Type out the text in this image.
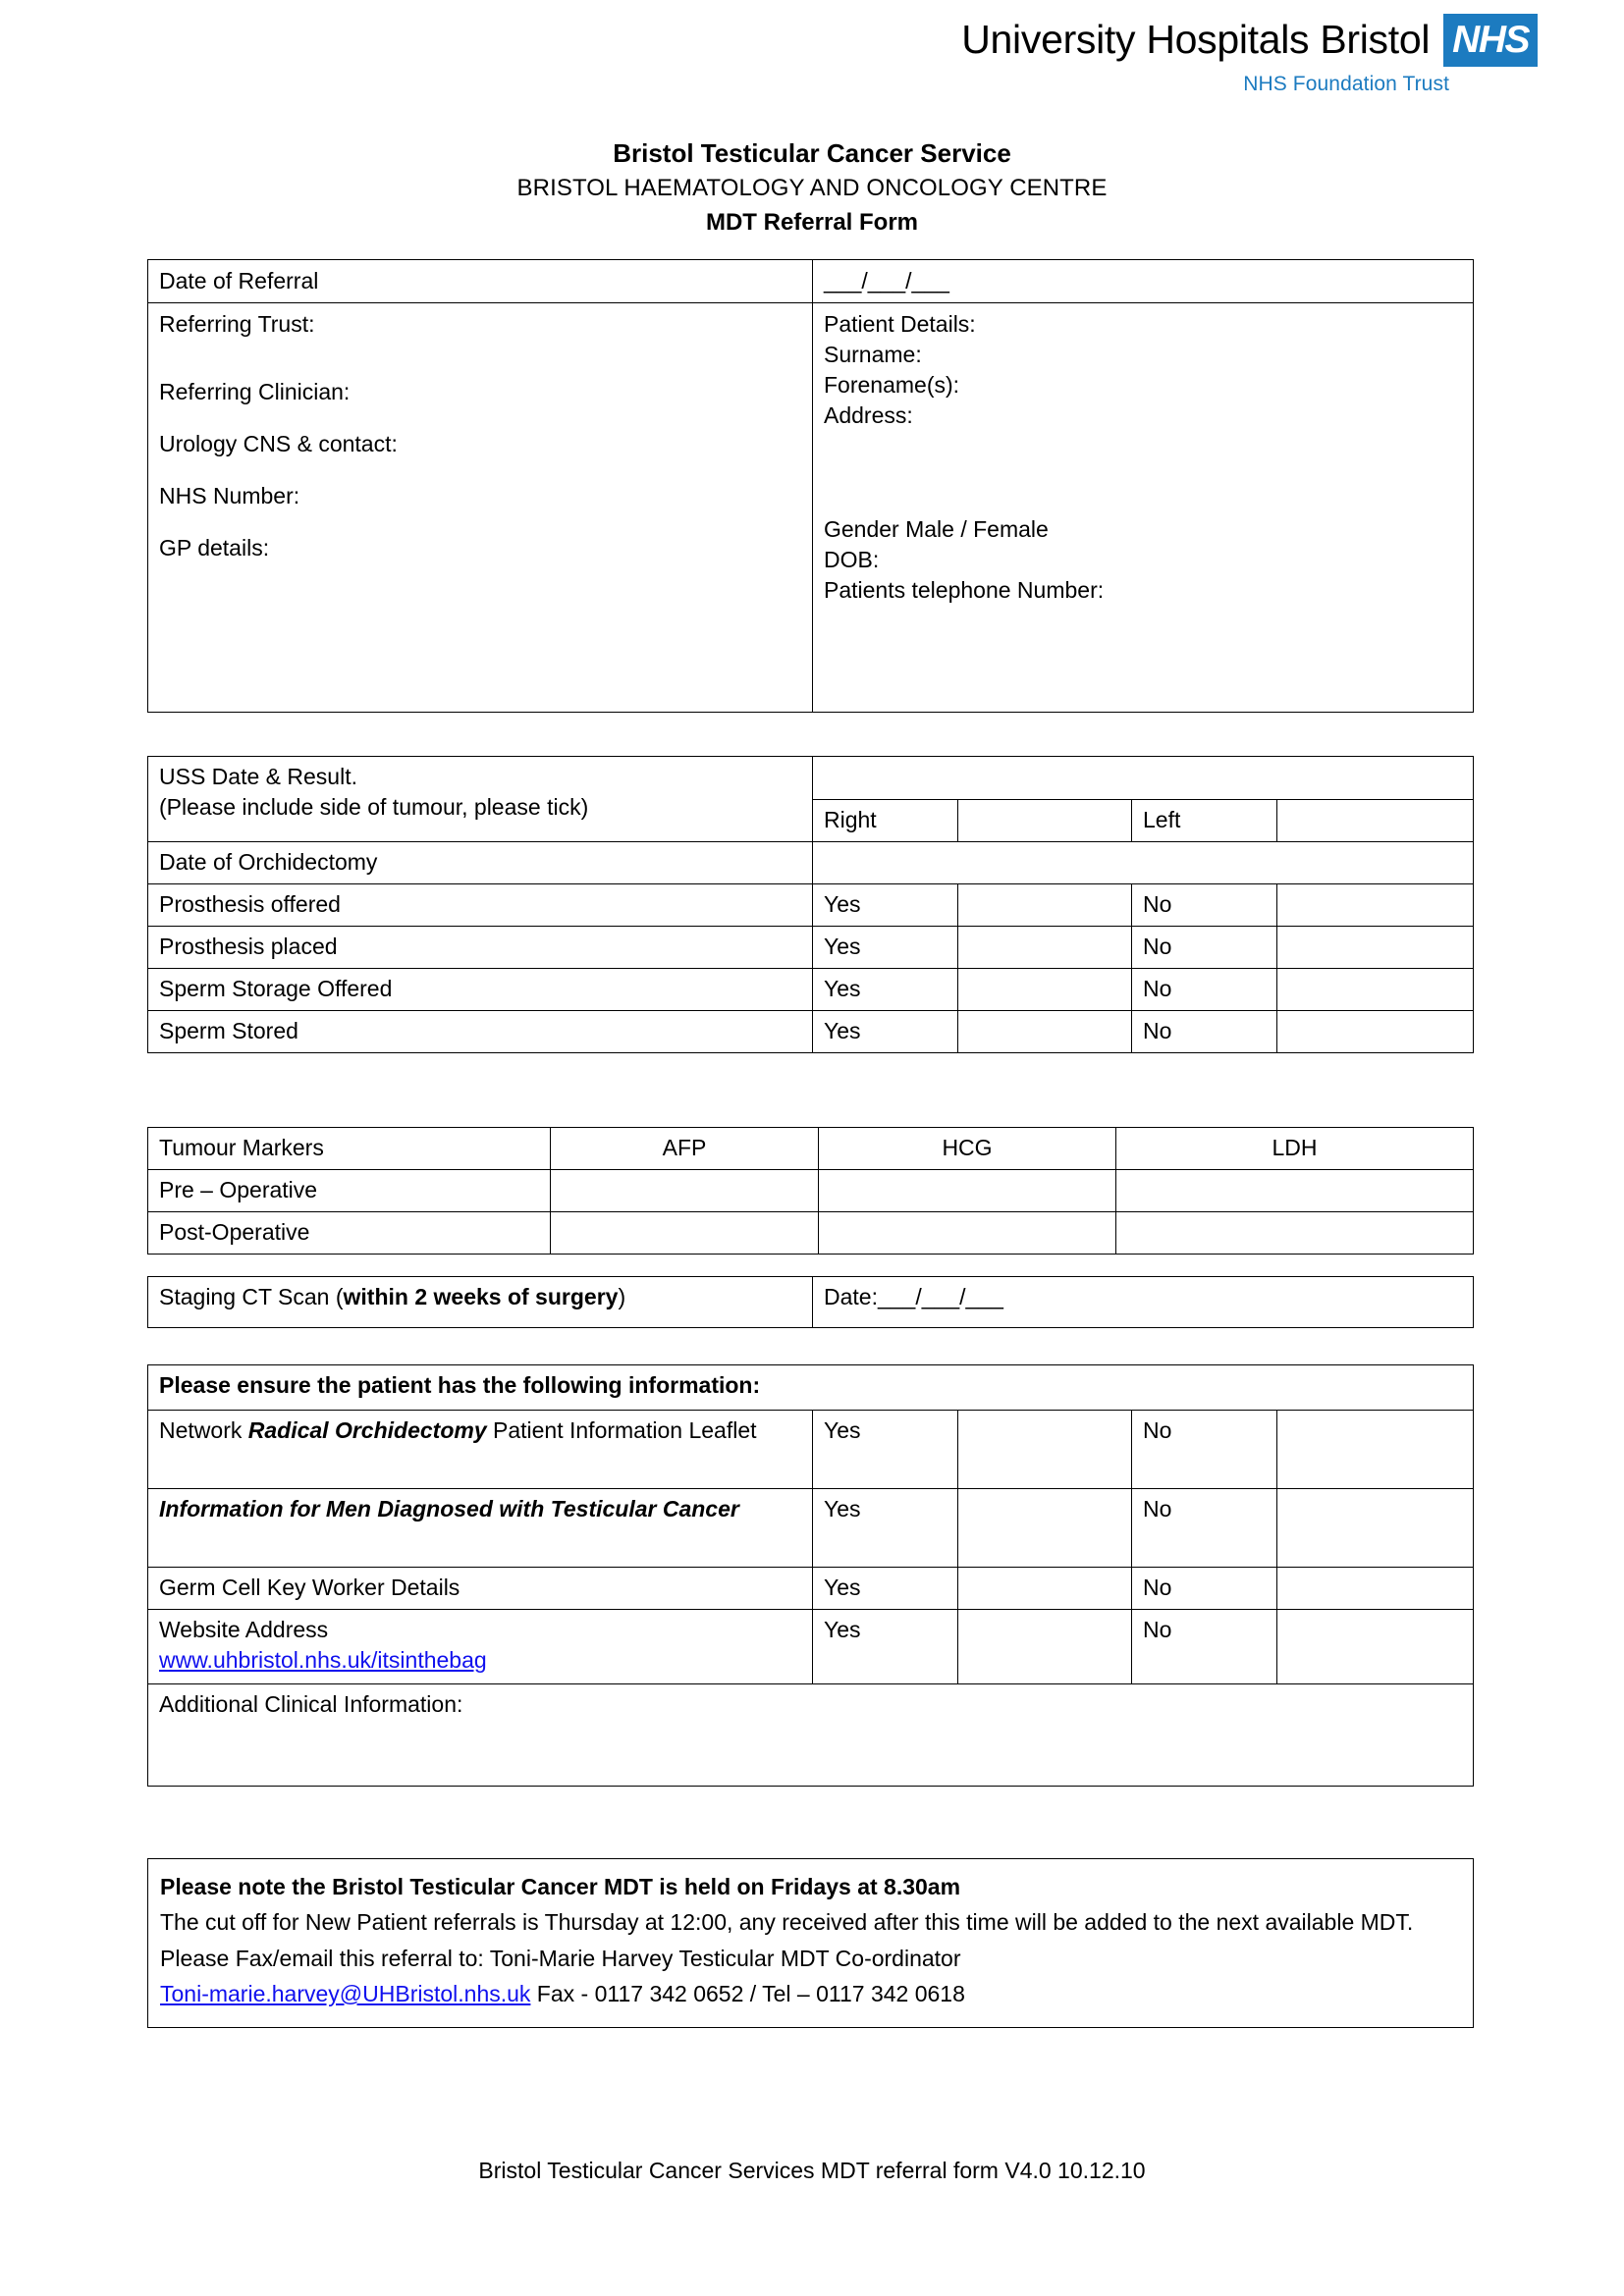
University Hospitals Bristol NHS
NHS Foundation Trust
Bristol Testicular Cancer Service
BRISTOL HAEMATOLOGY AND ONCOLOGY CENTRE
MDT Referral Form
Date of Referral	___/___/___

Referring Trust:
Referring Clinician:
Urology CNS & contact:
NHS Number:
GP details:

Patient Details:
Surname:
Forename(s):
Address:
Gender Male / Female
DOB:
Patients telephone Number:
USS Date & Result.
(Please include side of tumour, please tick)				

	Right		Left	
Date of Orchidectomy				
Prosthesis offered	Yes		No	
Prosthesis placed	Yes		No	
Sperm Storage Offered	Yes		No	
Sperm Stored	Yes		No	
Tumour Markers	AFP	HCG	LDH
Pre – Operative			
Post-Operative			
Staging CT Scan (within 2 weeks of surgery)	Date:___/___/___
Please ensure the patient has the following information:				
Network Radical Orchidectomy Patient Information Leaflet	Yes		No	
Information for Men Diagnosed with Testicular Cancer	Yes		No	
Germ Cell Key Worker Details	Yes		No	

Website Address
www.uhbristol.nhs.uk/itsinthebag	Yes		No	
Additional Clinical Information:				
Please note the Bristol Testicular Cancer MDT is held on Fridays at 8.30am
The cut off for New Patient referrals is Thursday at 12:00, any received after this time will be added to the next available MDT.
Please Fax/email this referral to: Toni-Marie Harvey Testicular MDT Co-ordinator
Toni-marie.harvey@UHBristol.nhs.uk Fax - 0117 342 0652 / Tel – 0117 342 0618
Bristol Testicular Cancer Services MDT referral form V4.0 10.12.10
